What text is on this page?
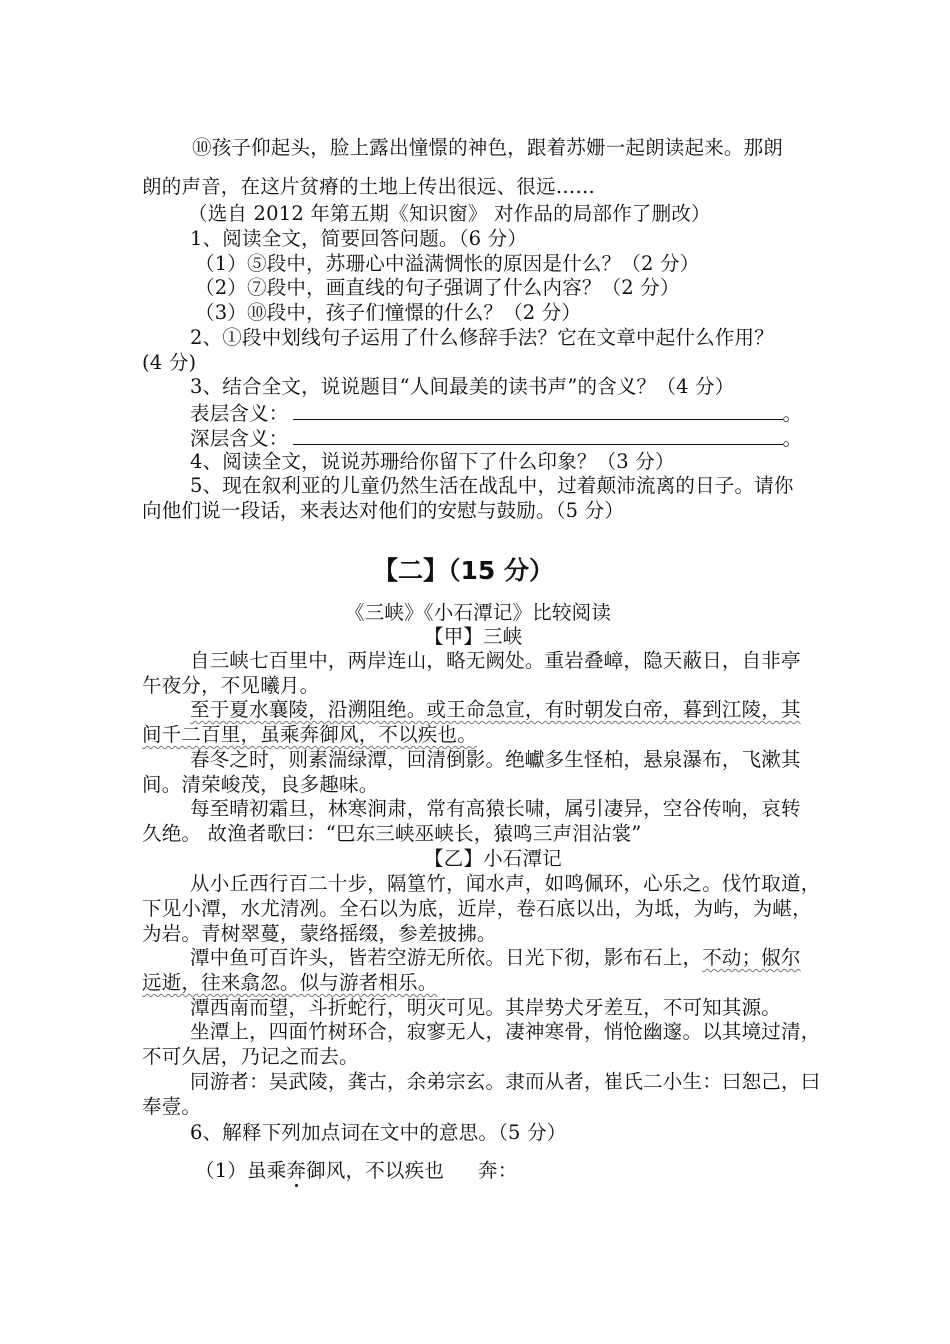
⑩孩子仰起头，脸上露出憧憬的神色，跟着苏姗一起朗读起来。那朗
朗的声音，在这片贫瘠的土地上传出很远、很远……
（选自 2012 年第五期《知识窗》 对作品的局部作了删改）
1、阅读全文，简要回答问题。（6 分）
（1）⑤段中，苏珊心中溢满惆怅的原因是什么？（2 分）
（2）⑦段中，画直线的句子强调了什么内容？（2 分）
（3）⑩段中，孩子们憧憬的什么？（2 分）
2、①段中划线句子运用了什么修辞手法？它在文章中起什么作用？
(4 分)
3、结合全文，说说题目“人间最美的读书声”的含义？（4 分）
表层含义：	。
深层含义：	。
4、阅读全文，说说苏珊给你留下了什么印象？（3 分）
5、现在叙利亚的儿童仍然生活在战乱中，过着颠沛流离的日子。请你
向他们说一段话，来表达对他们的安慰与鼓励。（5 分）
【二】（15 分）
《三峡》《小石潭记》比较阅读
【甲】三峡
自三峡七百里中，两岸连山，略无阙处。重岩叠嶂，隐天蔽日，自非亭
午夜分，不见曦月。
至于夏水襄陵，沿溯阻绝。或王命急宣，有时朝发白帝，暮到江陵，其
间千二百里，虽乘奔御风，不以疾也。
春冬之时，则素湍绿潭，回清倒影。绝巘多生怪柏，悬泉瀑布，飞漱其
间。清荣峻茂，良多趣味。
每至晴初霜旦，林寒涧肃，常有高猿长啸，属引凄异，空谷传响，哀转
久绝。 故渔者歌曰：“巴东三峡巫峡长，猿鸣三声泪沾裳”
【乙】小石潭记
从小丘西行百二十步，隔篁竹，闻水声，如鸣佩环，心乐之。伐竹取道，
下见小潭，水尤清冽。全石以为底，近岸，卷石底以出，为坻，为屿，为嵁，
为岩。青树翠蔓，蒙络摇缀，参差披拂。
潭中鱼可百许头，皆若空游无所依。日光下彻，影布石上，不动；俶尔
远逝，往来翕忽。似与游者相乐。
潭西南而望，斗折蛇行，明灭可见。其岸势犬牙差互，不可知其源。
坐潭上，四面竹树环合，寂寥无人，凄神寒骨，悄怆幽邃。以其境过清，
不可久居，乃记之而去。
同游者：吴武陵，龚古，余弟宗玄。隶而从者，崔氏二小生：曰恕己，曰
奉壹。
6、解释下列加点词在文中的意思。（5 分）
（1）虽乘奔御风，不以疾也 奔：
